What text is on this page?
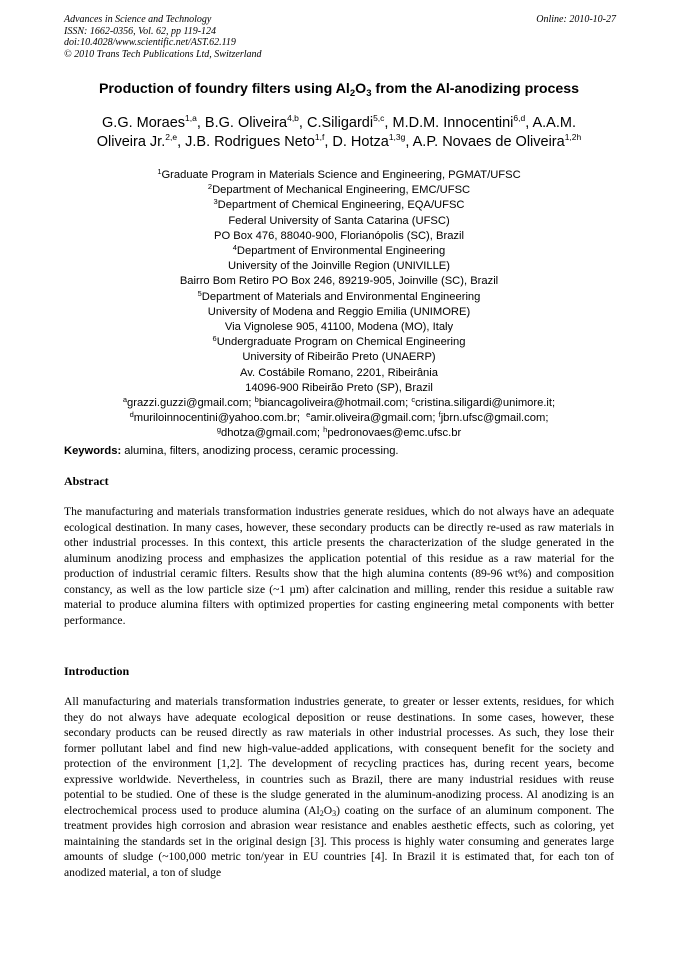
Advances in Science and Technology
ISSN: 1662-0356, Vol. 62, pp 119-124
doi:10.4028/www.scientific.net/AST.62.119
© 2010 Trans Tech Publications Ltd, Switzerland
Online: 2010-10-27
Production of foundry filters using $Al_2O_3$ from the Al-anodizing process
G.G. Moraes$^{1,a}$, B.G. Oliveira$^{4,b}$, C.Siligardi$^{5,c}$, M.D.M. Innocentini$^{6,d}$, A.A.M.
Oliveira Jr.$^{2,e}$, J.B. Rodrigues Neto$^{1,f}$, D. Hotza$^{1,3g}$, A.P. Novaes de Oliveira$^{1,2h}$
$^1$Graduate Program in Materials Science and Engineering, PGMAT/UFSC
$^2$Department of Mechanical Engineering, EMC/UFSC
$^3$Department of Chemical Engineering, EQA/UFSC
Federal University of Santa Catarina (UFSC)
PO Box 476, 88040-900, Florianópolis (SC), Brazil
$^4$Department of Environmental Engineering
University of the Joinville Region (UNIVILLE)
Bairro Bom Retiro PO Box 246, 89219-905, Joinville (SC), Brazil
$^5$Department of Materials and Environmental Engineering
University of Modena and Reggio Emilia (UNIMORE)
Via Vignolese 905, 41100, Modena (MO), Italy
$^6$Undergraduate Program on Chemical Engineering
University of Ribeirão Preto (UNAERP)
Av. Costábile Romano, 2201, Ribeirânia
14096-900 Ribeirão Preto (SP), Brazil
$^a$grazzi.guzzi@gmail.com; $^b$biancagoliveira@hotmail.com; $^c$cristina.siligardi@unimore.it;
$^d$muriloinnocentini@yahoo.com.br;  $^e$amir.oliveira@gmail.com; $^f$jbrn.ufsc@gmail.com;
$^g$dhotza@gmail.com; $^h$pedronovaes@emc.ufsc.br
Keywords: alumina, filters, anodizing process, ceramic processing.
Abstract
The manufacturing and materials transformation industries generate residues, which do not always have an adequate ecological destination. In many cases, however, these secondary products can be directly re-used as raw materials in other industrial processes. In this context, this article presents the characterization of the sludge generated in the aluminum anodizing process and emphasizes the application potential of this residue as a raw material for the production of industrial ceramic filters. Results show that the high alumina contents (89-96 wt%) and composition constancy, as well as the low particle size (~1 µm) after calcination and milling, render this residue a suitable raw material to produce alumina filters with optimized properties for casting engineering metal components with better performance.
Introduction
All manufacturing and materials transformation industries generate, to greater or lesser extents, residues, for which they do not always have adequate ecological deposition or reuse destinations. In some cases, however, these secondary products can be reused directly as raw materials in other industrial processes. As such, they lose their former pollutant label and find new high-value-added applications, with consequent benefit for the society and protection of the environment [1,2]. The development of recycling practices has, during recent years, become expressive worldwide. Nevertheless, in countries such as Brazil, there are many industrial residues with reuse potential to be studied. One of these is the sludge generated in the aluminum-anodizing process. Al anodizing is an electrochemical process used to produce alumina $(Al_2O_3)$ coating on the surface of an aluminum component. The treatment provides high corrosion and abrasion wear resistance and enables aesthetic effects, such as coloring, yet maintaining the standards set in the original design [3]. This process is highly water consuming and generates large amounts of sludge (~100,000 metric ton/year in EU countries [4]. In Brazil it is estimated that, for each ton of anodized material, a ton of sludge
